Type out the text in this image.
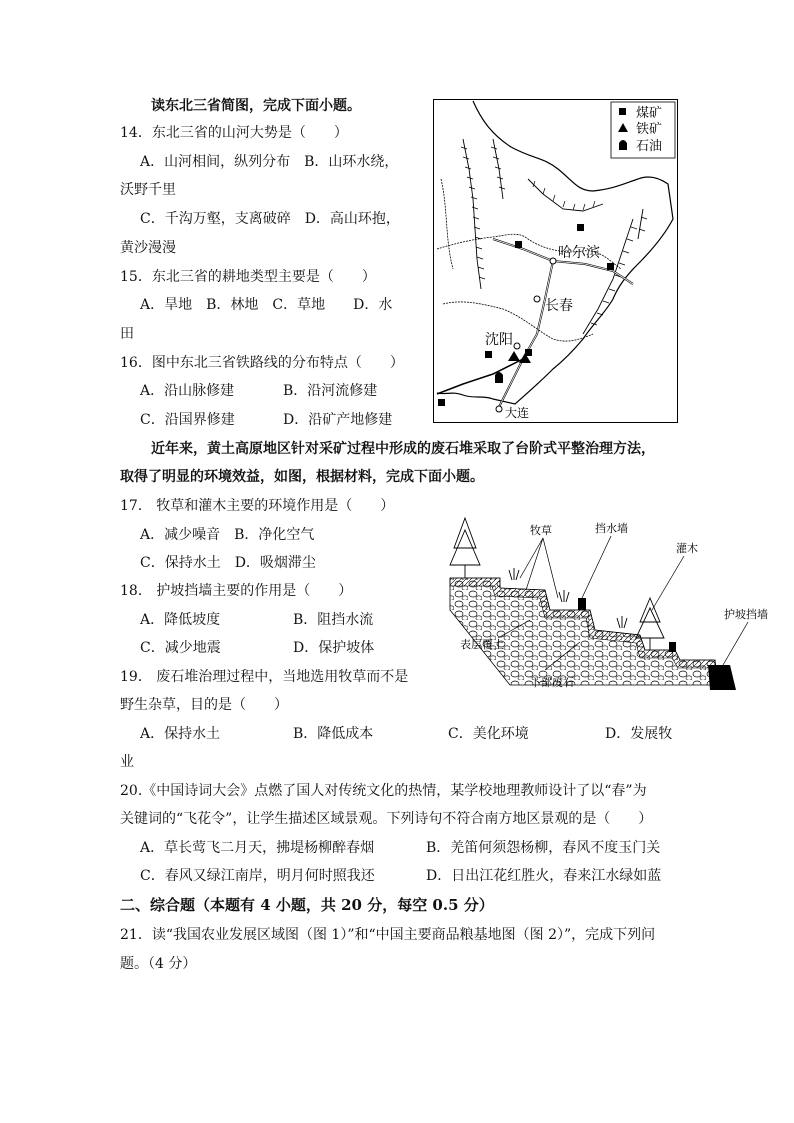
读东北三省简图，完成下面小题。
14．东北三省的山河大势是（　　）
A．山河相间，纵列分布　B．山环水绕，
沃野千里
C．千沟万壑，支离破碎　D．高山环抱，
黄沙漫漫
15．东北三省的耕地类型主要是（　　）
A．旱地　B．林地　C．草地　　D．水
田
16．图中东北三省铁路线的分布特点（　　）
A．沿山脉修建	B．沿河流修建
C．沿国界修建	D．沿矿产地修建
哈尔滨
长春
沈阳
大连
煤矿
铁矿
石油
近年来，黄土高原地区针对采矿过程中形成的废石堆采取了台阶式平整治理方法，
取得了明显的环境效益，如图，根据材料，完成下面小题。
17． 牧草和灌木主要的环境作用是（　　）
A．减少噪音　B．净化空气
C．保持水土　D．吸烟滞尘
18． 护坡挡墙主要的作用是（　　）
A．降低坡度	B．阻挡水流
C．减少地震	D．保护坡体
19． 废石堆治理过程中，当地选用牧草而不是
野生杂草，目的是（　　）
A．保持水土	B．降低成本	C．美化环境	D．发展牧
业
牧草	挡水墙
灌木
护坡挡墙
表层覆土
下部废石
20.《中国诗词大会》点燃了国人对传统文化的热情，某学校地理教师设计了以“春”为
关键词的“飞花令”，让学生描述区域景观。下列诗句不符合南方地区景观的是（　　）
A．草长莺飞二月天，拂堤杨柳醉春烟	B．羌笛何须怨杨柳，春风不度玉门关
C．春风又绿江南岸，明月何时照我还	D．日出江花红胜火，春来江水绿如蓝
二、综合题（本题有 4 小题，共 20 分，每空 0.5 分）
21．读“我国农业发展区域图（图 1）”和“中国主要商品粮基地图（图 2）”，完成下列问
题。（4 分）
